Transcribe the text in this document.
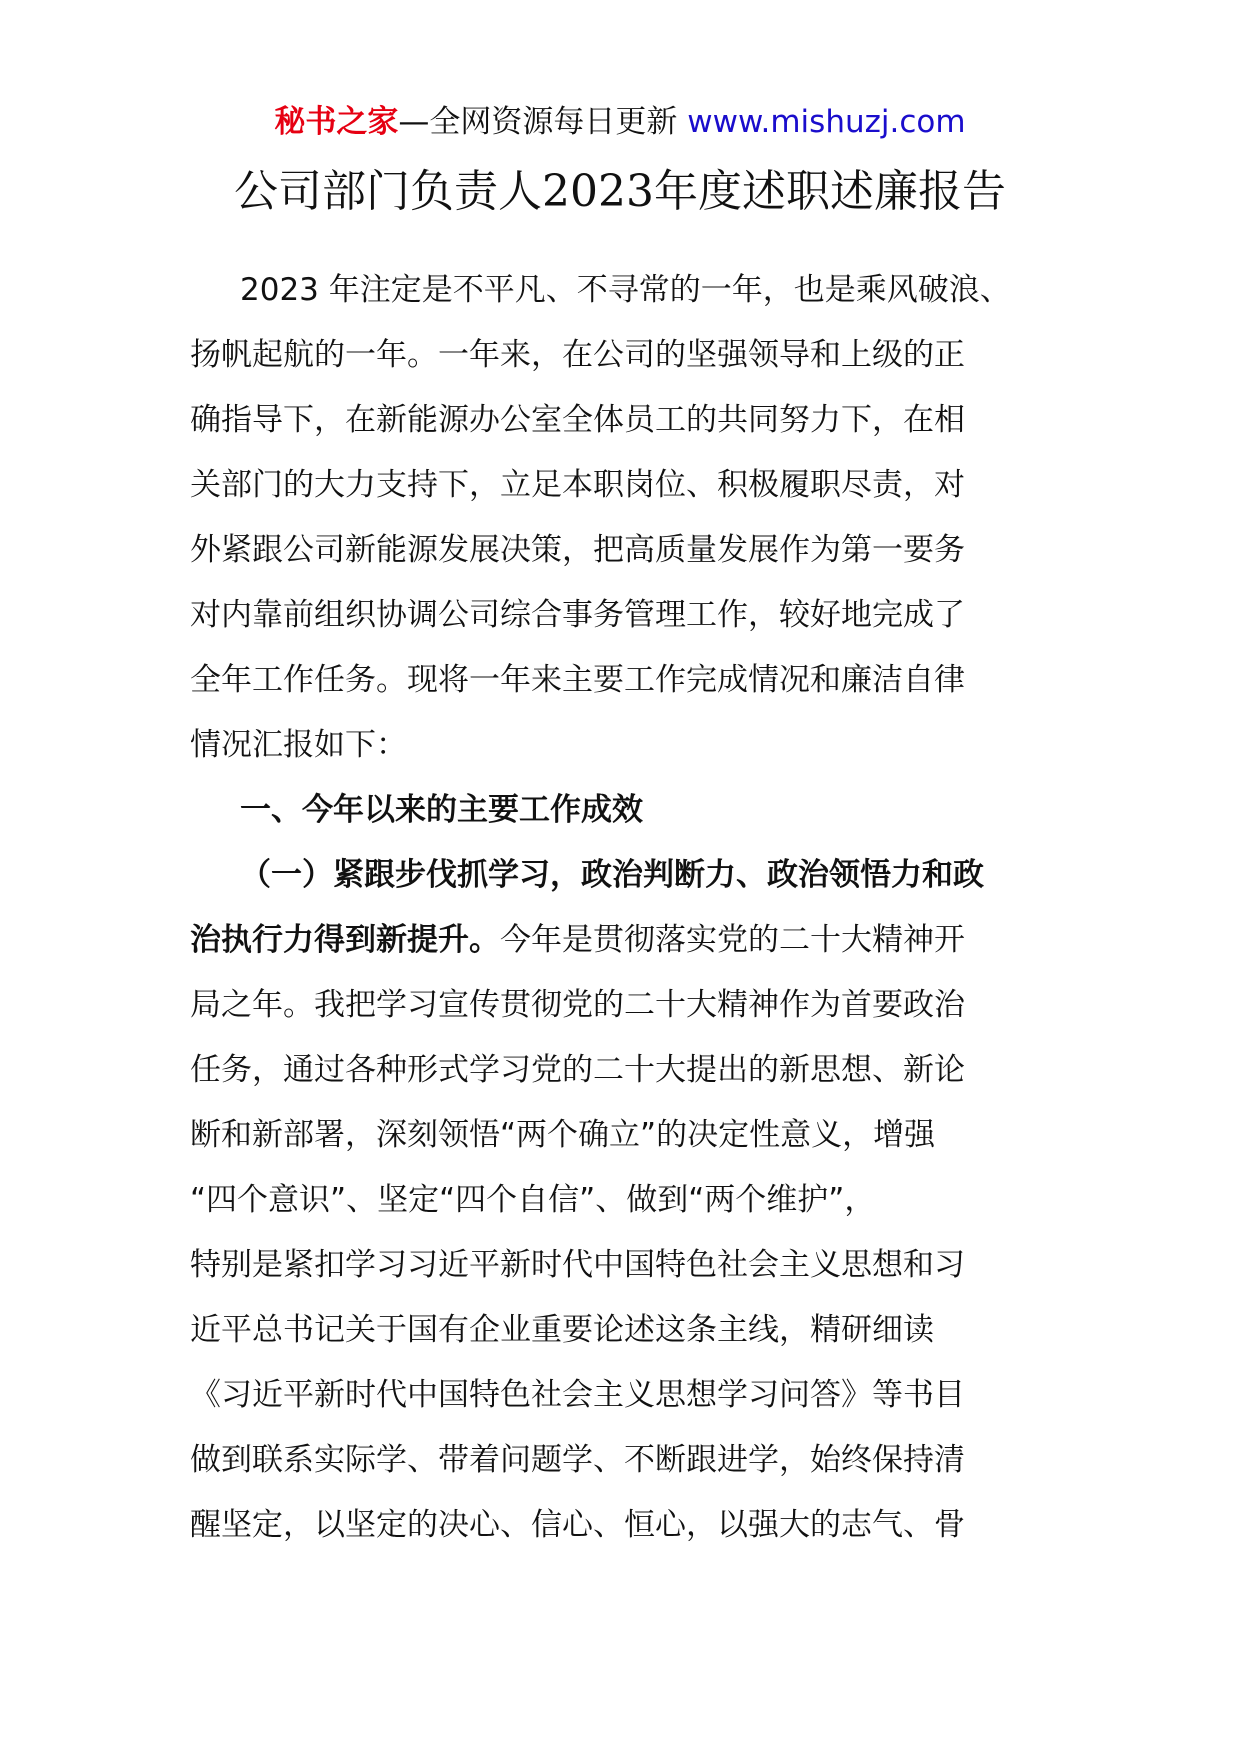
秘书之家—全网资源每日更新 www.mishuzj.com
公司部门负责人2023年度述职述廉报告
2023 年注定是不平凡、不寻常的一年，也是乘风破浪、
扬帆起航的一年。一年来，在公司的坚强领导和上级的正
确指导下，在新能源办公室全体员工的共同努力下，在相
关部门的大力支持下，立足本职岗位、积极履职尽责，对
外紧跟公司新能源发展决策，把高质量发展作为第一要务
对内靠前组织协调公司综合事务管理工作，较好地完成了
全年工作任务。现将一年来主要工作完成情况和廉洁自律
情况汇报如下：
一、今年以来的主要工作成效
（一）紧跟步伐抓学习，政治判断力、政治领悟力和政
治执行力得到新提升。今年是贯彻落实党的二十大精神开
局之年。我把学习宣传贯彻党的二十大精神作为首要政治
任务，通过各种形式学习党的二十大提出的新思想、新论
断和新部署，深刻领悟“两个确立”的决定性意义，增强
“四个意识”、坚定“四个自信”、做到“两个维护”，
特别是紧扣学习习近平新时代中国特色社会主义思想和习
近平总书记关于国有企业重要论述这条主线，精研细读
《习近平新时代中国特色社会主义思想学习问答》等书目
做到联系实际学、带着问题学、不断跟进学，始终保持清
醒坚定，以坚定的决心、信心、恒心，以强大的志气、骨
